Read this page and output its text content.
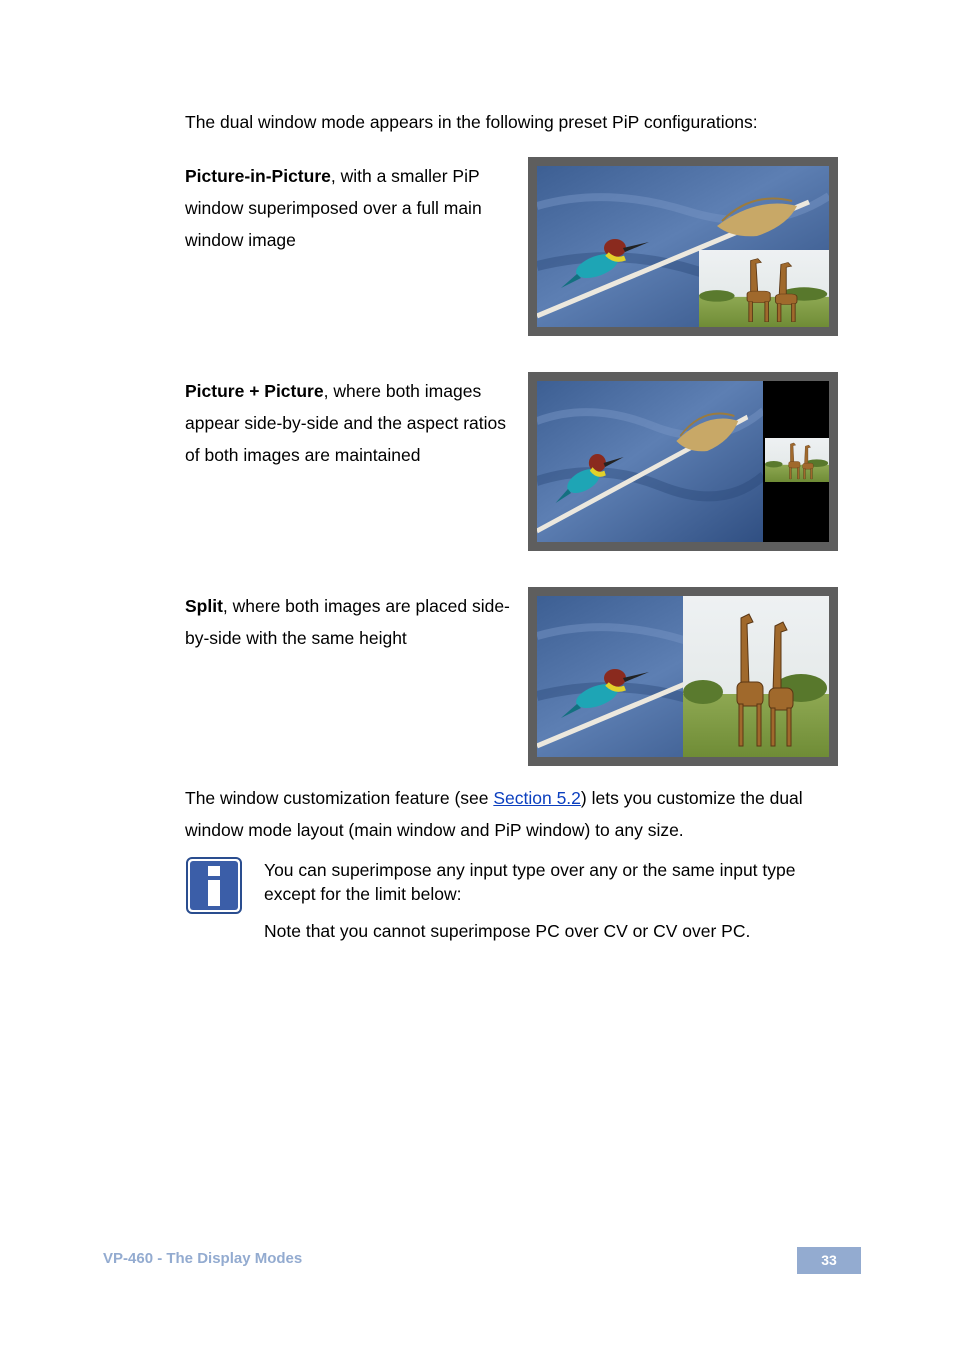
The dual window mode appears in the following preset PiP configurations:
Picture-in-Picture, with a smaller PiP window superimposed over a full main window image
Picture + Picture, where both images appear side-by-side and the aspect ratios of both images are maintained
Split, where both images are placed side-by-side with the same height
The window customization feature (see Section 5.2) lets you customize the dual window mode layout (main window and PiP window) to any size.
You can superimpose any input type over any or the same input type except for the limit below:
Note that you cannot superimpose PC over CV or CV over PC.
VP-460 - The Display Modes	33
